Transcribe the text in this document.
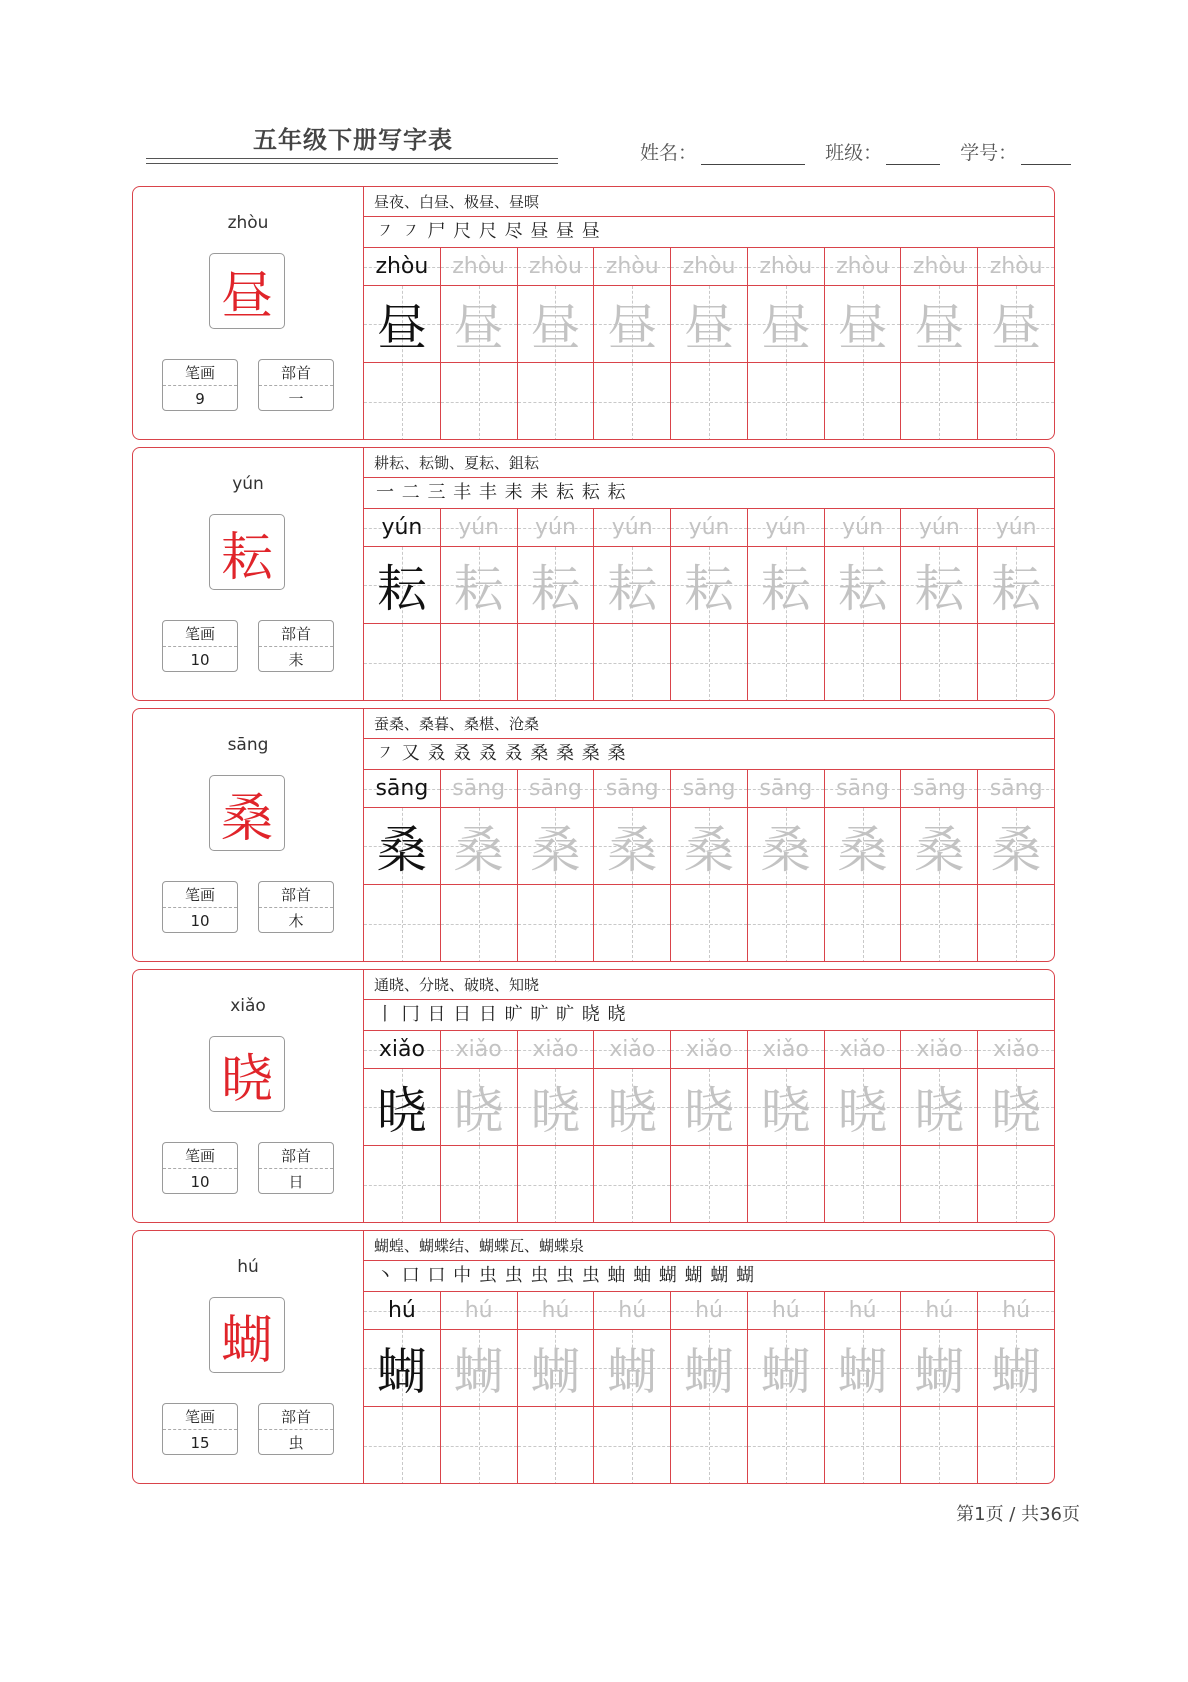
五年级下册写字表	姓名：	班级：	学号：
zhòu
昼
笔画
9
部首
一
昼夜、白昼、极昼、昼暝
㇇ ㇇ 尸 尺 尺 尽 昼 昼 昼
zhòu	zhòu	zhòu	zhòu	zhòu	zhòu	zhòu	zhòu	zhòu
昼 昼 昼 昼 昼 昼 昼 昼 昼
yún
耘
笔画
10
部首
耒
耕耘、耘锄、夏耘、鉏耘
一 二 三 丰 丰 耒 耒 耘 耘 耘
yún	yún	yún	yún	yún	yún	yún	yún	yún
耘 耘 耘 耘 耘 耘 耘 耘 耘
sāng
桑
笔画
10
部首
木
蚕桑、桑暮、桑椹、沧桑
㇇ 又 叒 叒 叒 叒 桑 桑 桑 桑
sāng	sāng	sāng	sāng	sāng	sāng	sāng	sāng	sāng
桑 桑 桑 桑 桑 桑 桑 桑 桑
xiǎo
晓
笔画
10
部首
日
通晓、分晓、破晓、知晓
丨 冂 日 日 日 旷 旷 旷 晓 晓
xiǎo	xiǎo	xiǎo	xiǎo	xiǎo	xiǎo	xiǎo	xiǎo	xiǎo
晓 晓 晓 晓 晓 晓 晓 晓 晓
hú
蝴
笔画
15
部首
虫
蝴蝗、蝴蝶结、蝴蝶瓦、蝴蝶泉
丶 口 口 中 虫 虫 虫 虫 虫 蚰 蚰 蝴 蝴 蝴 蝴
hú	hú	hú	hú	hú	hú	hú	hú	hú
蝴 蝴 蝴 蝴 蝴 蝴 蝴 蝴 蝴
第1页 / 共36页
